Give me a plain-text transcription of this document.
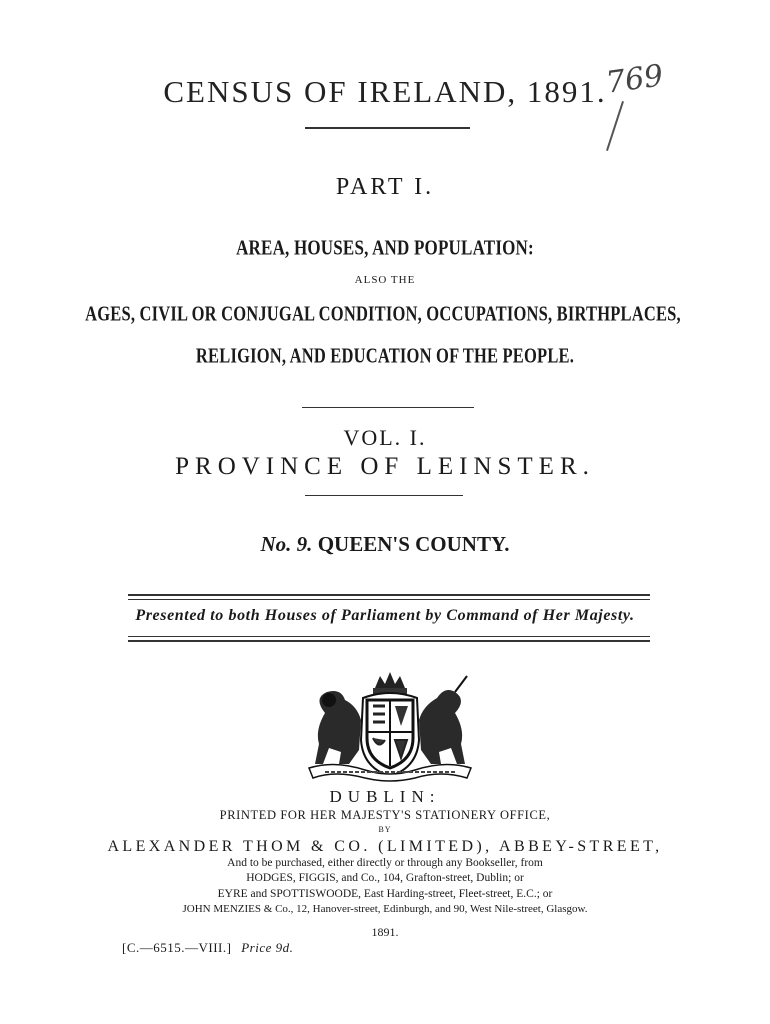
CENSUS OF IRELAND, 1891.
769
PART I.
AREA, HOUSES, AND POPULATION:
ALSO THE
AGES, CIVIL OR CONJUGAL CONDITION, OCCUPATIONS, BIRTHPLACES,
RELIGION, AND EDUCATION OF THE PEOPLE.
VOL. I.
PROVINCE OF LEINSTER.
No. 9. QUEEN'S COUNTY.
Presented to both Houses of Parliament by Command of Her Majesty.
DUBLIN:
PRINTED FOR HER MAJESTY'S STATIONERY OFFICE,
BY
ALEXANDER THOM & CO. (LIMITED), ABBEY-STREET,
And to be purchased, either directly or through any Bookseller, from
HODGES, FIGGIS, and Co., 104, Grafton-street, Dublin; or
EYRE and SPOTTISWOODE, East Harding-street, Fleet-street, E.C.; or
JOHN MENZIES & Co., 12, Hanover-street, Edinburgh, and 90, West Nile-street, Glasgow.
1891.
[C.—6515.—VIII.] Price 9d.
